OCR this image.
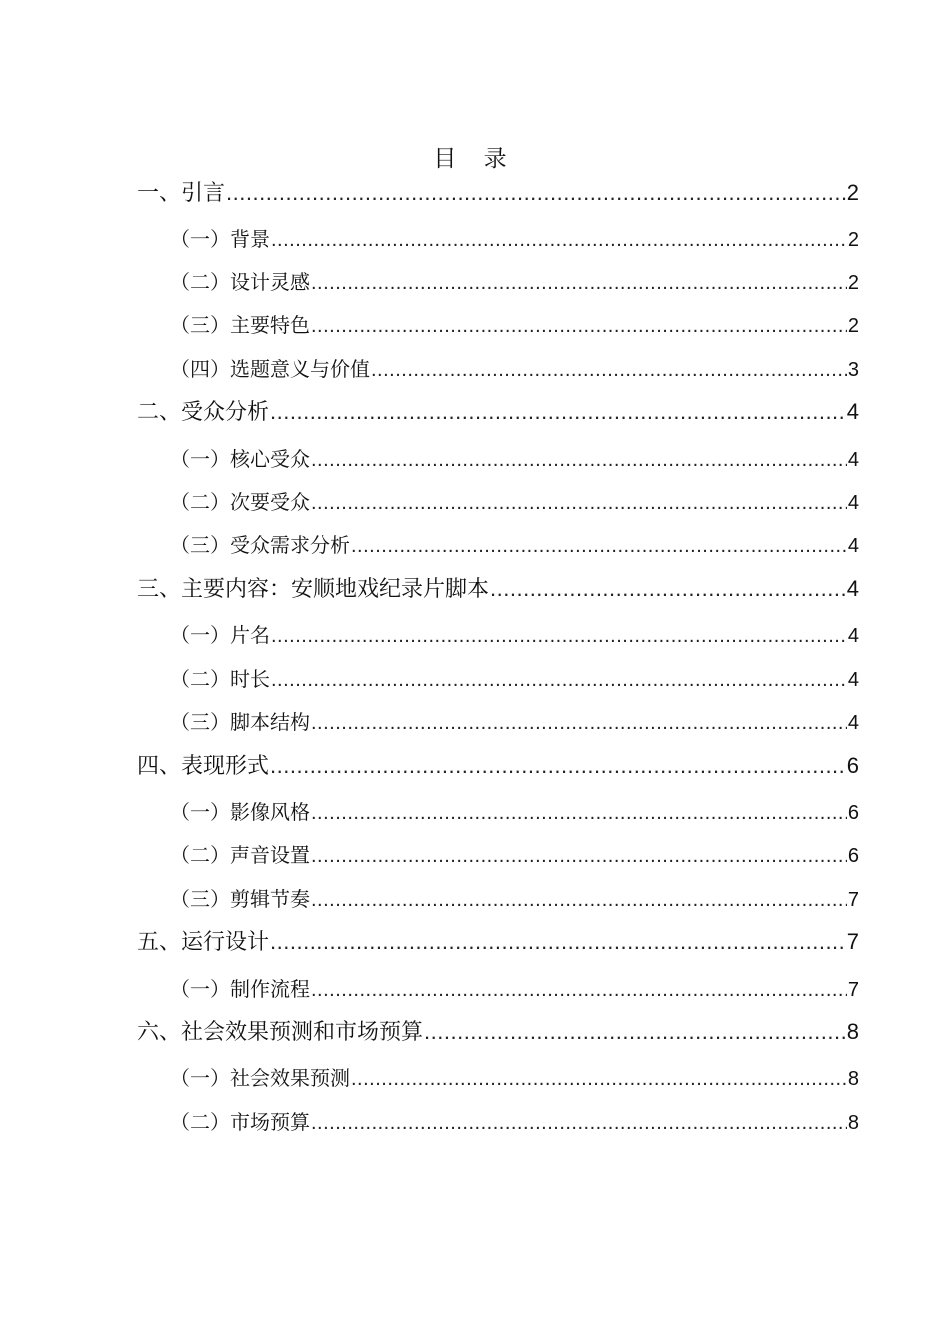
目 录
一、引言 .....	2
（一）背景 .....	2
（二）设计灵感 .....	2
（三）主要特色 .....	2
（四）选题意义与价值 .....	3
二、受众分析 .....	4
（一）核心受众 .....	4
（二）次要受众 .....	4
（三）受众需求分析 .....	4
三、主要内容：安顺地戏纪录片脚本 .....	4
（一）片名 .....	4
（二）时长 .....	4
（三）脚本结构 .....	4
四、表现形式 .....	6
（一）影像风格 .....	6
（二）声音设置 .....	6
（三）剪辑节奏 .....	7
五、运行设计 .....	7
（一）制作流程 .....	7
六、社会效果预测和市场预算 .....	8
（一）社会效果预测 .....	8
（二）市场预算 .....	8
